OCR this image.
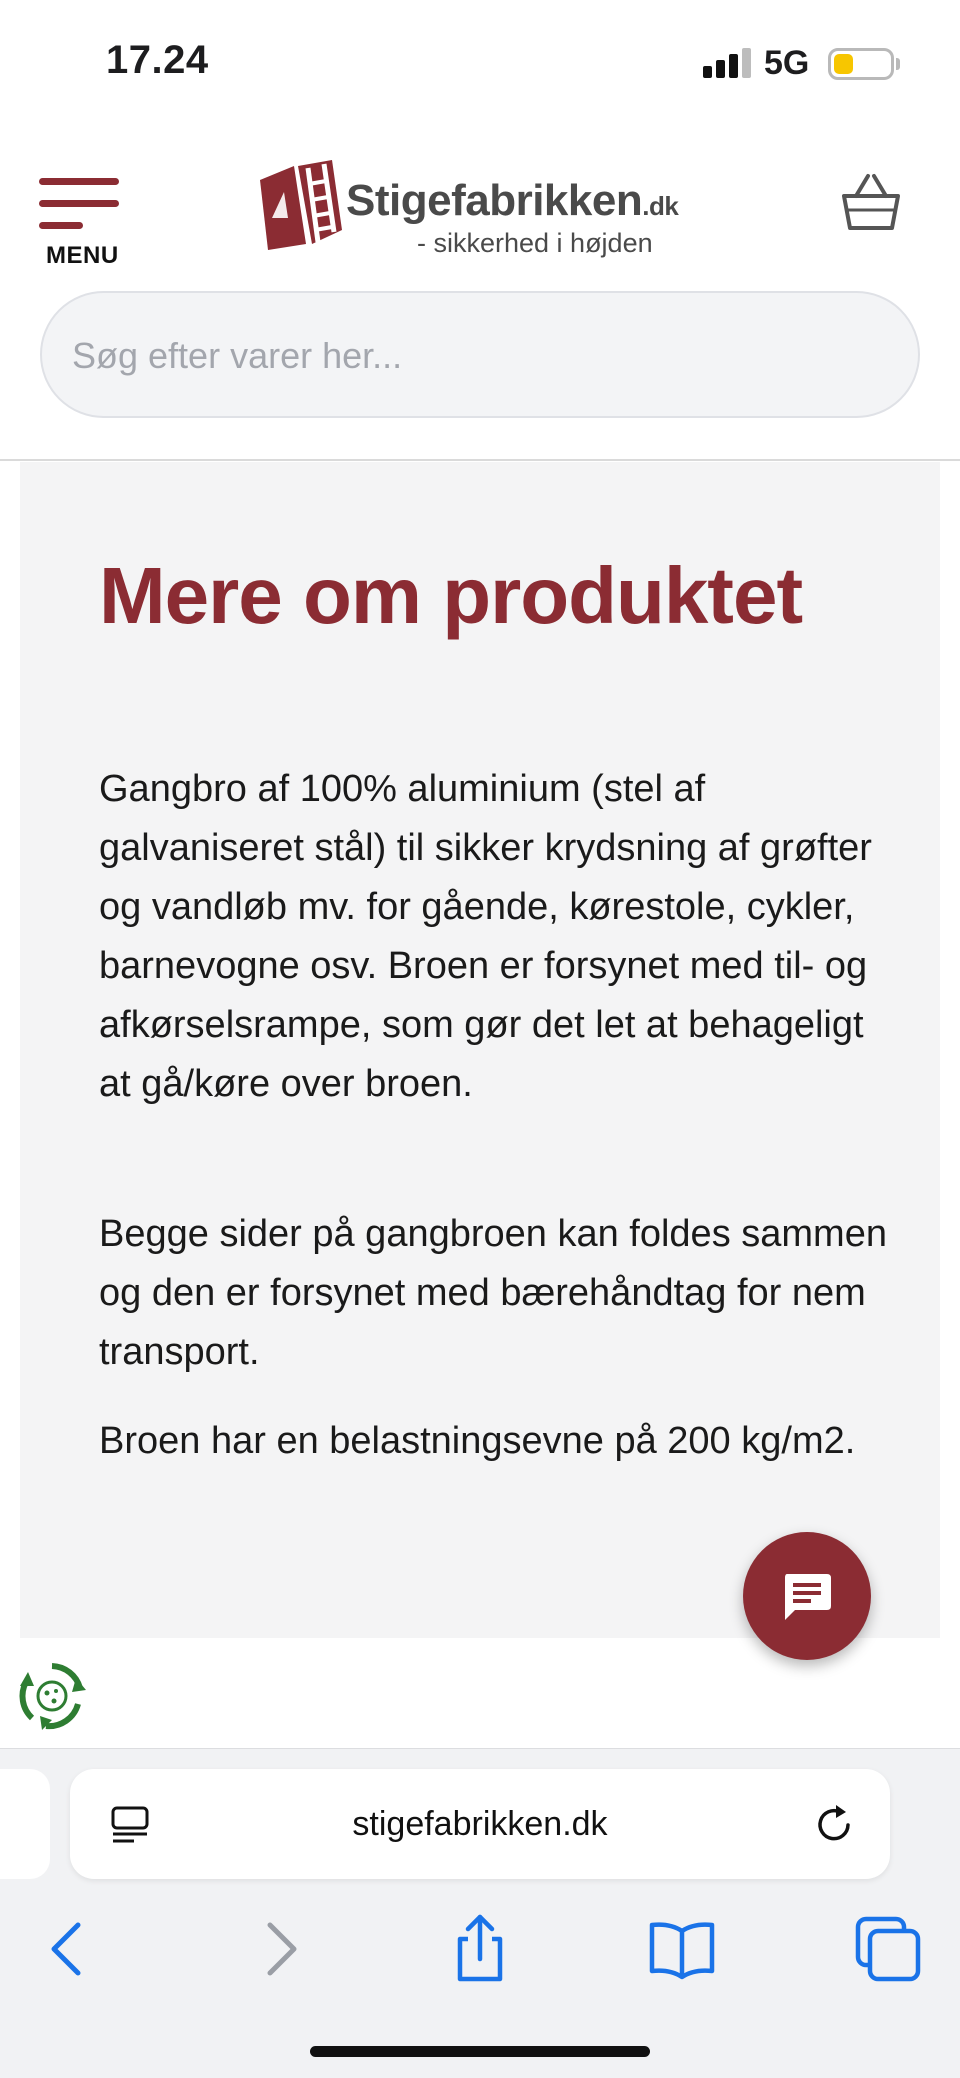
17.24	5G
MENU
Stigefabrikken.dk
- sikkerhed i højden
Søg efter varer her...
Mere om produktet

Gangbro af 100% aluminium (stel af galvaniseret stål) til sikker krydsning af grøfter og vandløb mv. for gående, kørestole, cykler, barnevogne osv. Broen er forsynet med til- og afkørselsrampe, som gør det let at behageligt at gå/køre over broen.

Begge sider på gangbroen kan foldes sammen og den er forsynet med bærehåndtag for nem transport.

Broen har en belastningsevne på 200 kg/m2.

stigefabrikken.dk
